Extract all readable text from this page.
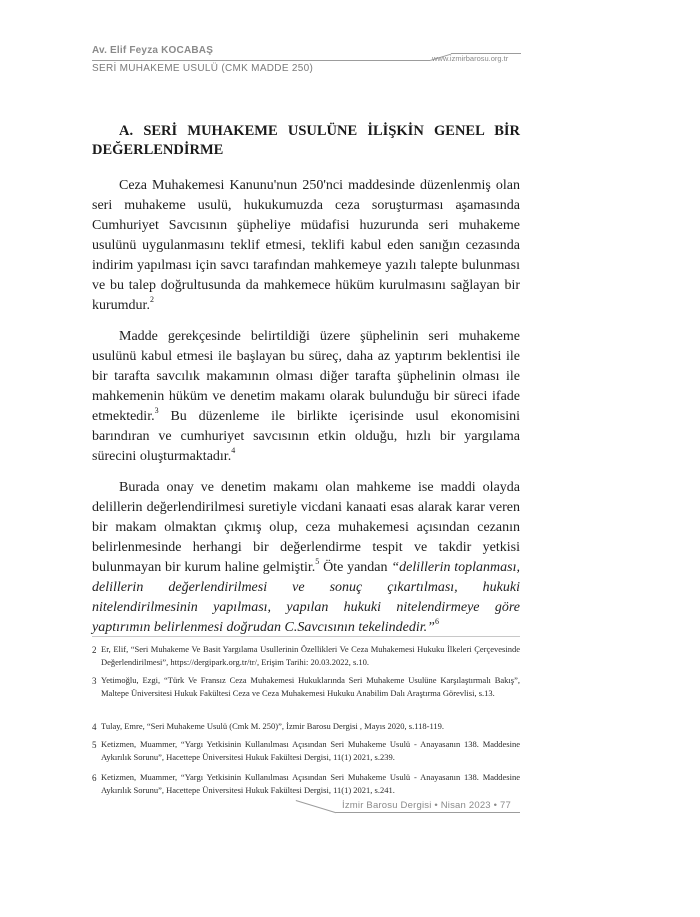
Av. Elif Feyza KOCABAŞ
www.izmirbarosu.org.tr
SERİ MUHAKEME USULÜ (CMK MADDE 250)
A. SERİ MUHAKEME USULÜNE İLİŞKİN GENEL BİR DEĞERLENDİRME
Ceza Muhakemesi Kanunu'nun 250'nci maddesinde düzenlenmiş olan seri muhakeme usulü, hukukumuzda ceza soruşturması aşamasında Cumhuriyet Savcısının şüpheliye müdafisi huzurunda seri muhakeme usulünü uygulanmasını teklif etmesi, teklifi kabul eden sanığın cezasında indirim yapılması için savcı tarafından mahkemeye yazılı talepte bulunması ve bu talep doğrultusunda da mahkemece hüküm kurulmasını sağlayan bir kurumdur.$^2$
Madde gerekçesinde belirtildiği üzere şüphelinin seri muhakeme usulünü kabul etmesi ile başlayan bu süreç, daha az yaptırım beklentisi ile bir tarafta savcılık makamının olması diğer tarafta şüphelinin olması ile mahkemenin hüküm ve denetim makamı olarak bulunduğu bir süreci ifade etmektedir.$^3$ Bu düzenleme ile birlikte içerisinde usul ekonomisini barındıran ve cumhuriyet savcısının etkin olduğu, hızlı bir yargılama sürecini oluşturmaktadır.$^4$
Burada onay ve denetim makamı olan mahkeme ise maddi olayda delillerin değerlendirilmesi suretiyle vicdani kanaati esas alarak karar veren bir makam olmaktan çıkmış olup, ceza muhakemesi açısından cezanın belirlenmesinde herhangi bir değerlendirme tespit ve takdir yetkisi bulunmayan bir kurum haline gelmiştir.$^5$ Öte yandan “delillerin toplanması, delillerin değerlendirilmesi ve sonuç çıkartılması, hukuki nitelendirilmesinin yapılması, yapılan hukuki nitelendirmeye göre yaptırımın belirlenmesi doğrudan C.Savcısının tekelindedir.”$^6$
2 Er, Elif, “Seri Muhakeme Ve Basit Yargılama Usullerinin Özellikleri Ve Ceza Muhakemesi Hukuku İlkeleri Çerçevesinde Değerlendirilmesi”, https://dergipark.org.tr/tr/, Erişim Tarihi: 20.03.2022, s.10.
3 Yetimoğlu, Ezgi, “Türk Ve Fransız Ceza Muhakemesi Hukuklarında Seri Muhakeme Usulüne Karşılaştırmalı Bakış”, Maltepe Üniversitesi Hukuk Fakültesi Ceza ve Ceza Muhakemesi Hukuku Anabilim Dalı Araştırma Görevlisi, s.13.
4 Tulay, Emre, “Seri Muhakeme Usulü (Cmk M. 250)”, İzmir Barosu Dergisi , Mayıs 2020, s.118-119.
5 Ketizmen, Muammer, “Yargı Yetkisinin Kullanılması Açısından Seri Muhakeme Usulü - Anayasanın 138. Maddesine Aykırılık Sorunu”, Hacettepe Üniversitesi Hukuk Fakültesi Dergisi, 11(1) 2021, s.239.
6 Ketizmen, Muammer, “Yargı Yetkisinin Kullanılması Açısından Seri Muhakeme Usulü - Anayasanın 138. Maddesine Aykırılık Sorunu”, Hacettepe Üniversitesi Hukuk Fakültesi Dergisi, 11(1) 2021, s.241.
İzmir Barosu Dergisi • Nisan 2023 • 77
